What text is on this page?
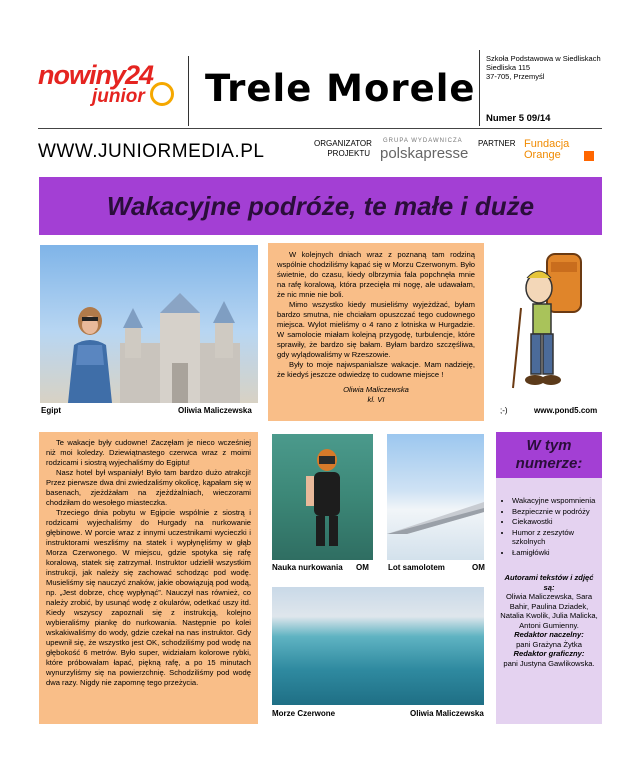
nowiny24
junior Trele Morele
Szkoła Podstawowa w Siedliskach
Siedliska 115
37-705, Przemyśl
Numer 5 09/14
WWW.JUNIORMEDIA.PL	ORGANIZATOR
PROJEKTU
GRUPA WYDAWNICZA
polskapresse
PARTNER Fundacja
Orange
Wakacyjne podróże, te małe i duże
Egipt	Oliwia Maliczewska

W kolejnych dniach wraz z poznaną tam rodziną wspólnie chodziliśmy kąpać się w Morzu Czerwonym. Było świetnie, do czasu, kiedy olbrzymia fala popchnęła mnie na rafę koralową, która przecięła mi nogę, ale udawałam, że nic mnie nie boli.

Mimo wszystko kiedy musieliśmy wyjeżdżać, byłam bardzo smutna, nie chciałam opuszczać tego cudownego miejsca. Wylot mieliśmy o 4 rano z lotniska w Hurgadzie. W samolocie miałam kolejną przygodę, turbulencje, które sprawiły, że bardzo się bałam. Byłam bardzo szczęśliwa, gdy wylądowaliśmy w Rzeszowie.

Były to moje najwspanialsze wakacje. Mam nadzieję, że kiedyś jeszcze odwiedzę to cudowne miejsce !

Oliwia Maliczewska

kl. VI

;-)	www.pond5.com

Te wakacje były cudowne! Zaczęłam je nieco wcześniej niż moi koledzy. Dziewiątnastego czerwca wraz z moimi rodzicami i siostrą wyjechaliśmy do Egiptu!

Nasz hotel był wspaniały! Było tam bardzo dużo atrakcji! Przez pierwsze dwa dni zwiedzaliśmy okolicę, kąpałam się w basenach, zjeżdżałam na zjeżdżalniach, wieczorami chodziłam do wesołego miasteczka.

Trzeciego dnia pobytu w Egipcie wspólnie z siostrą i rodzicami wyjechaliśmy do Hurgady na nurkowanie głębinowe. W porcie wraz z innymi uczestnikami wycieczki i instruktorami weszliśmy na statek i wypłynęliśmy w głąb Morza Czerwonego. W miejscu, gdzie spotyka się rafę koralową, statek się zatrzymał. Instruktor udzielił wszystkim instrukcji, jak należy się zachować schodząc pod wodę. Musieliśmy się nauczyć znaków, jakie obowiązują pod wodą, np. „Jest dobrze, chcę wypłynąć”. Nauczył nas również, co należy zrobić, by usunąć wodę z okularów, odetkać uszy itd. Kiedy wszyscy zapoznali się z instrukcją, kolejno wybieraliśmy piankę do nurkowania. Następnie po kolei wskakiwaliśmy do wody, gdzie czekał na nas instruktor. Gdy upewnił się, że wszystko jest OK, schodziliśmy pod wodę na głębokość 6 metrów. Było super, widziałam kolorowe rybki, które próbowałam łapać, piękną rafę, a po 15 minutach wynurzyliśmy się na powierzchnię. Schodziliśmy pod wodę dwa razy. Nigdy nie zapomnę tego przeżycia.

Nauka nurkowania OM Lot samolotem	OM
Morze Czerwone	Oliwia Maliczewska
W tym numerze:
• Wakacyjne wspomnienia
• Bezpiecznie w podróży
• Ciekawostki
• Humor z zeszytów szkolnych
• Łamigłówki
Autorami tekstów i zdjęć są:
Oliwia Maliczewska, Sara Bahir, Paulina Dziadek, Natalia Kwolik, Julia Malicka, Antoni Gumienny.
Redaktor naczelny:
pani Grażyna Żytka
Redaktor graficzny:
pani Justyna Gawlikowska.
